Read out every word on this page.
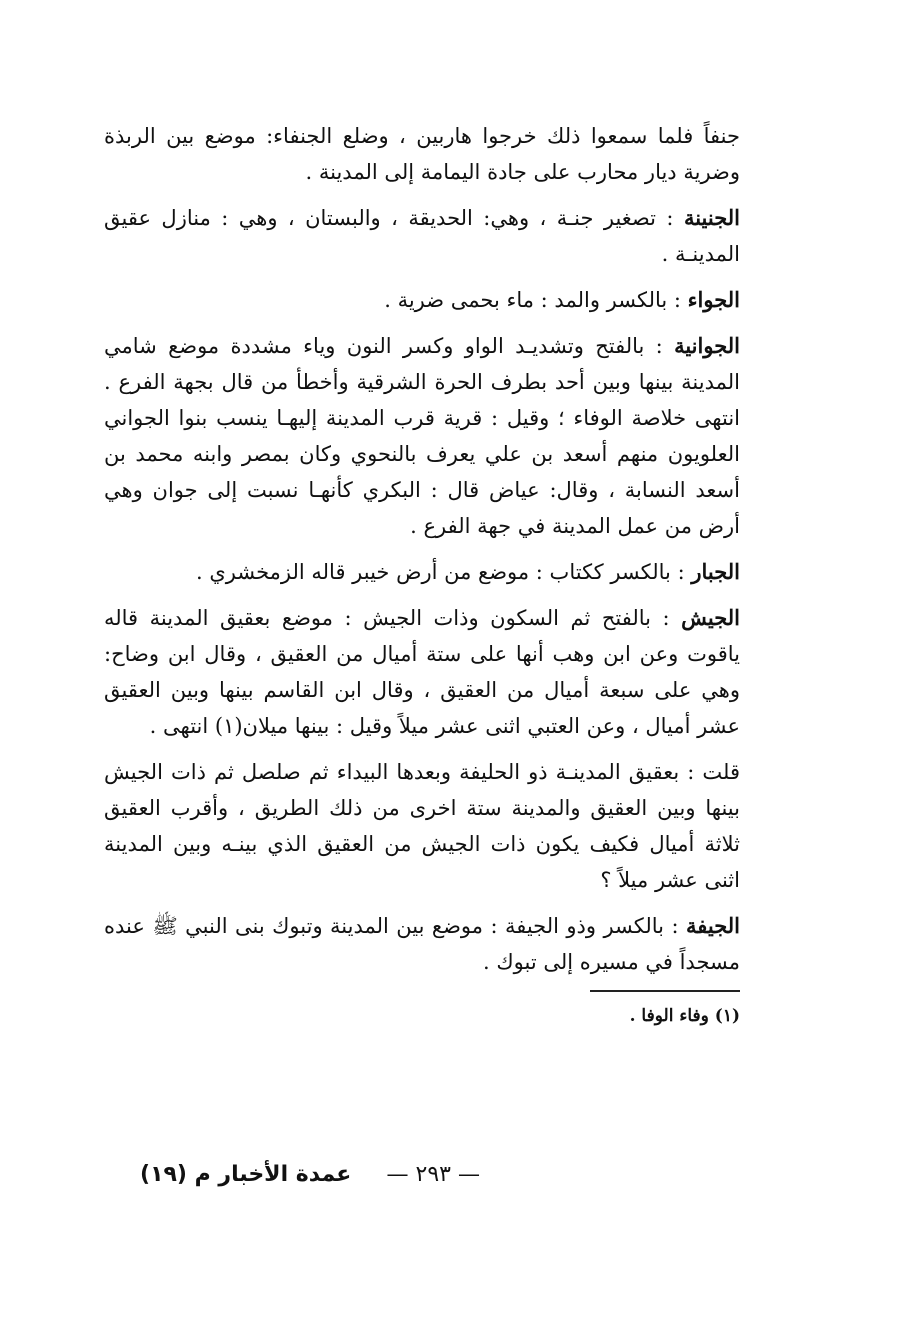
جنفاً فلما سمعوا ذلك خرجوا هاربين ، وضلع الجنفاء: موضع بين الربذة وضرية ديار محارب على جادة اليمامة إلى المدينة .

الجنينة : تصغير جنـة ، وهي: الحديقة ، والبستان ، وهي : منازل عقيق المدينـة .

الجواء : بالكسر والمد : ماء بحمى ضرية .

الجوانية : بالفتح وتشديـد الواو وكسر النون وياء مشددة موضع شامي المدينة بينها وبين أحد بطرف الحرة الشرقية وأخطأ من قال بجهة الفرع . انتهى خلاصة الوفاء ؛ وقيل : قرية قرب المدينة إليهـا ينسب بنوا الجواني العلويون منهم أسعد بن علي يعرف بالنحوي وكان بمصر وابنه محمد بن أسعد النسابة ، وقال: عياض قال : البكري كأنهـا نسبت إلى جوان وهي أرض من عمل المدينة في جهة الفرع .

الجبار : بالكسر ككتاب : موضع من أرض خيبر قاله الزمخشري .

الجيش : بالفتح ثم السكون وذات الجيش : موضع بعقيق المدينة قاله ياقوت وعن ابن وهب أنها على ستة أميال من العقيق ، وقال ابن وضاح: وهي على سبعة أميال من العقيق ، وقال ابن القاسم بينها وبين العقيق عشر أميال ، وعن العتبي اثنى عشر ميلاً وقيل : بينها ميلان(١) انتهى .

قلت : بعقيق المدينـة ذو الحليفة وبعدها البيداء ثم صلصل ثم ذات الجيش بينها وبين العقيق والمدينة ستة اخرى من ذلك الطريق ، وأقرب العقيق ثلاثة أميال فكيف يكون ذات الجيش من العقيق الذي بينـه وبين المدينة اثنى عشر ميلاً ؟

الجيفة : بالكسر وذو الجيفة : موضع بين المدينة وتبوك بنى النبي ﷺ عنده مسجداً في مسيره إلى تبوك .

(١) وفاء الوفا .
— ٢٩٣ —
عمدة الأخبار م (١٩)
